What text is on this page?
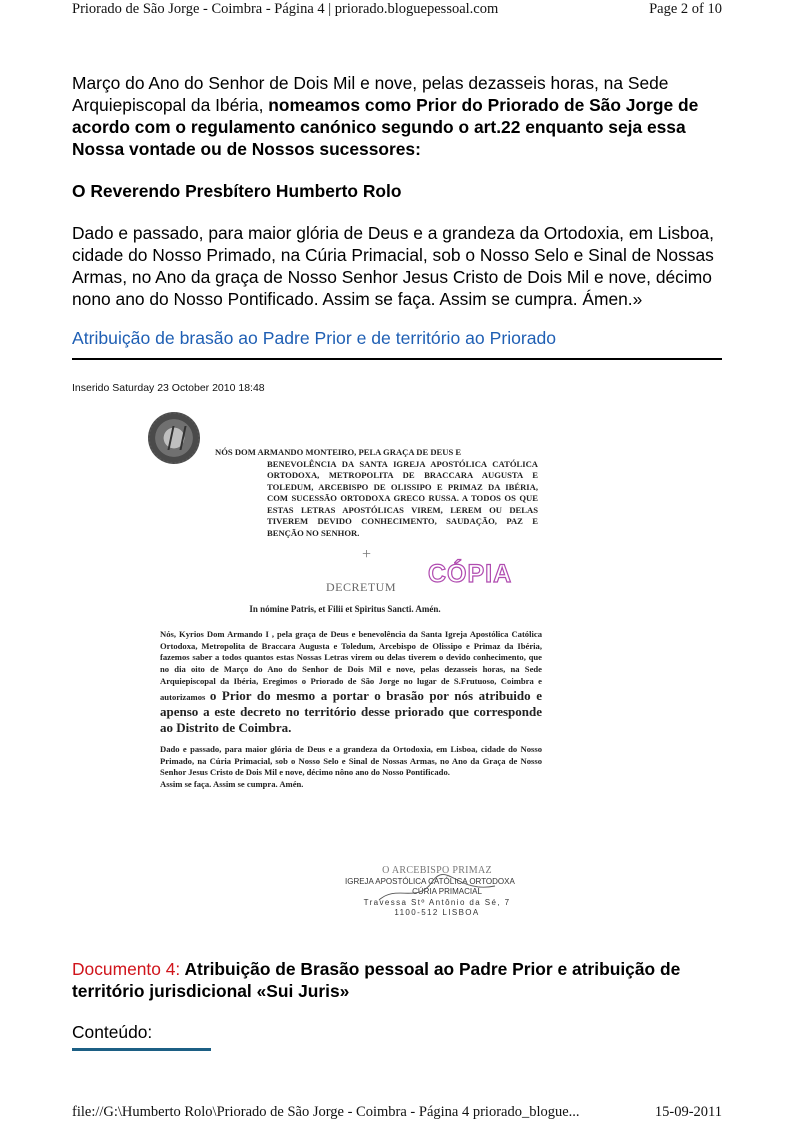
Priorado de São Jorge - Coimbra - Página 4 | priorado.bloguepessoal.com	Page 2 of 10
Março do Ano do Senhor de Dois Mil e nove, pelas dezasseis horas, na Sede Arquiepiscopal da Ibéria, nomeamos como Prior do Priorado de São Jorge de acordo com o regulamento canónico segundo o art.22 enquanto seja essa Nossa vontade ou de Nossos sucessores:
O Reverendo Presbítero Humberto Rolo
Dado e passado, para maior glória de Deus e a grandeza da Ortodoxia, em Lisboa, cidade do Nosso Primado, na Cúria Primacial, sob o Nosso Selo e Sinal de Nossas Armas, no Ano da graça de Nosso Senhor Jesus Cristo de Dois Mil e nove, décimo nono ano do Nosso Pontificado. Assim se faça. Assim se cumpra. Ámen.»
Atribuição de brasão ao Padre Prior e de território ao Priorado
Inserido Saturday 23 October 2010 18:48
NÓS DOM ARMANDO MONTEIRO, PELA GRAÇA DE DEUS E
BENEVOLÊNCIA DA SANTA IGREJA APOSTÓLICA CATÓLICA ORTODOXA, METROPOLITA DE BRACCARA AUGUSTA E TOLEDUM, ARCEBISPO DE OLISSIPO E PRIMAZ DA IBÉRIA, COM SUCESSÃO ORTODOXA GRECO RUSSA. A TODOS OS QUE ESTAS LETRAS APOSTÓLICAS VIREM, LEREM OU DELAS TIVEREM DEVIDO CONHECIMENTO, SAUDAÇÃO, PAZ E BENÇÃO NO SENHOR.
+
DECRETUM CÓPIA
In nómine Patris, et Filii et Spiritus Sancti. Amén.
Nós, Kyrios Dom Armando I , pela graça de Deus e benevolência da Santa Igreja Apostólica Católica Ortodoxa, Metropolita de Braccara Augusta e Toledum, Arcebispo de Olissipo e Primaz da Ibéria, fazemos saber a todos quantos estas Nossas Letras virem ou delas tiverem o devido conhecimento, que no dia oito de Março do Ano do Senhor de Dois Mil e nove, pelas dezasseis horas, na Sede Arquiepiscopal da Ibéria, Eregimos o Priorado de São Jorge no lugar de S.Frutuoso, Coimbra e autorizamos o Prior do mesmo a portar o brasão por nós atribuido e apenso a este decreto no território desse priorado que corresponde ao Distrito de Coimbra.
Dado e passado, para maior glória de Deus e a grandeza da Ortodoxia, em Lisboa, cidade do Nosso Primado, na Cúria Primacial, sob o Nosso Selo e Sinal de Nossas Armas, no Ano da Graça de Nosso Senhor Jesus Cristo de Dois Mil e nove, décimo nôno ano do Nosso Pontificado.
Assim se faça. Assim se cumpra. Amén.
O ARCEBISPO PRIMAZ
IGREJA APOSTÓLICA CATÓLICA ORTODOXA
CÚRIA PRIMACIAL
Travessa Stº Antônio da Sé, 7
1100-512 LISBOA
Documento 4: Atribuição de Brasão pessoal ao Padre Prior e atribuição de território jurisdicional «Sui Juris»
Conteúdo:
file://G:\Humberto Rolo\Priorado de São Jorge - Coimbra - Página 4 priorado_blogue...	15-09-2011
